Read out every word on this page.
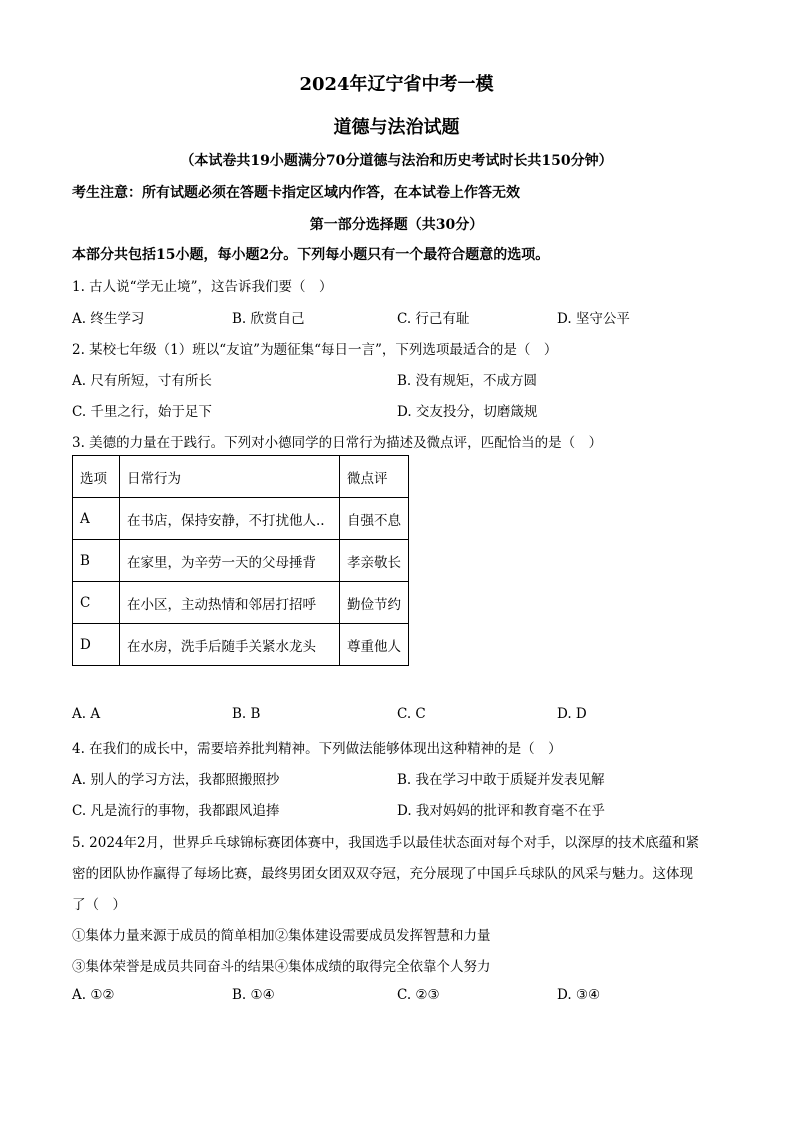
2024年辽宁省中考一模
道德与法治试题
（本试卷共19小题满分70分道德与法治和历史考试时长共150分钟）
考生注意：所有试题必须在答题卡指定区域内作答，在本试卷上作答无效
第一部分选择题（共30分）
本部分共包括15小题，每小题2分。下列每小题只有一个最符合题意的选项。
1. 古人说“学无止境”，这告诉我们要（　）
A. 终生学习	B. 欣赏自己	C. 行己有耻	D. 坚守公平
2. 某校七年级（1）班以“友谊”为题征集“每日一言”，下列选项最适合的是（　）
A. 尺有所短，寸有所长	B. 没有规矩，不成方圆
C. 千里之行，始于足下	D. 交友投分，切磨箴规
3. 美德的力量在于践行。下列对小德同学的日常行为描述及微点评，匹配恰当的是（　）
选项	日常行为	微点评
A	在书店，保持安静，不打扰他人..	自强不息
B	在家里，为辛劳一天的父母捶背	孝亲敬长
C	在小区，主动热情和邻居打招呼	勤俭节约
D	在水房，洗手后随手关紧水龙头	尊重他人
A. A	B. B	C. C	D. D
4. 在我们的成长中，需要培养批判精神。下列做法能够体现出这种精神的是（　）
A. 别人的学习方法，我都照搬照抄	B. 我在学习中敢于质疑并发表见解
C. 凡是流行的事物，我都跟风追捧	D. 我对妈妈的批评和教育毫不在乎
5. 2024年2月，世界乒乓球锦标赛团体赛中，我国选手以最佳状态面对每个对手，以深厚的技术底蕴和紧
密的团队协作赢得了每场比赛，最终男团女团双双夺冠，充分展现了中国乒乓球队的风采与魅力。这体现
了（　）
①集体力量来源于成员的简单相加②集体建设需要成员发挥智慧和力量
③集体荣誉是成员共同奋斗的结果④集体成绩的取得完全依靠个人努力
A. ①②	B. ①④	C. ②③	D. ③④
